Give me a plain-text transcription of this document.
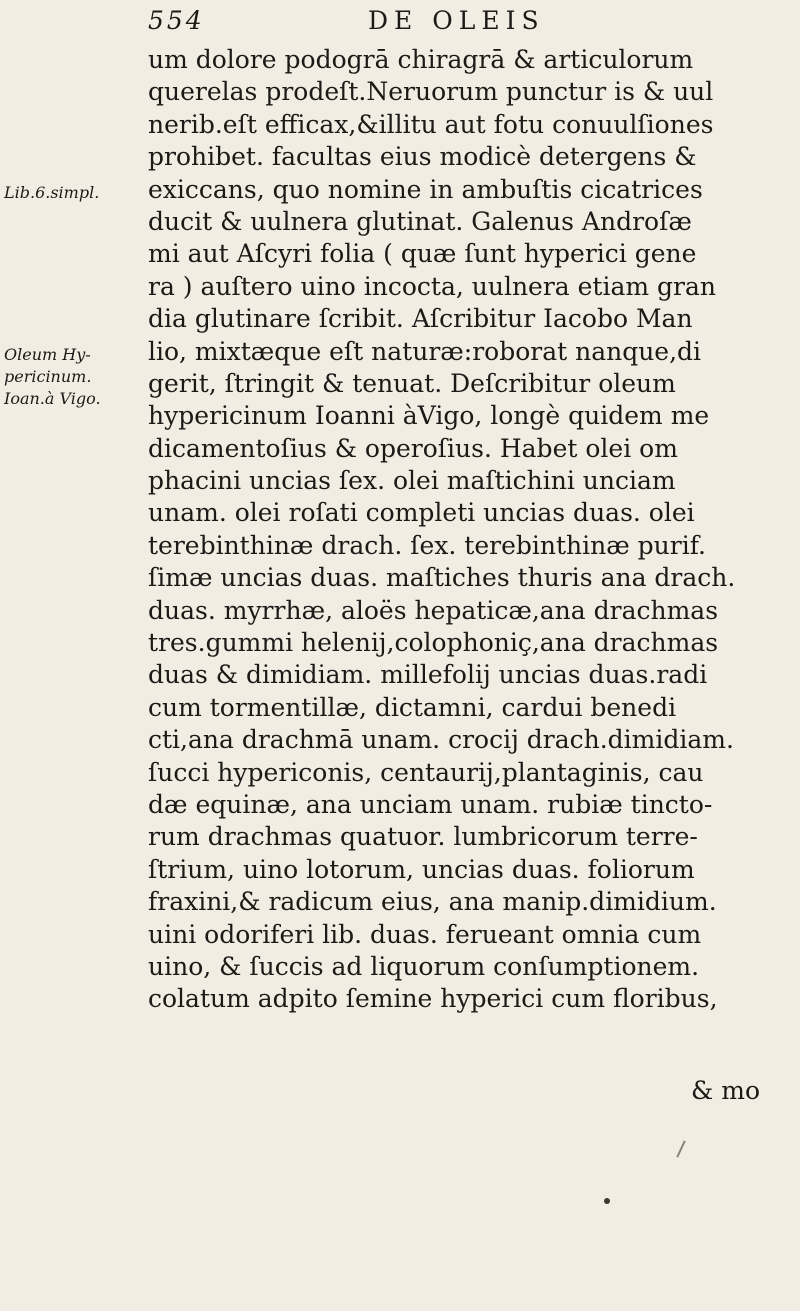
554	DE OLEIS
Lib.6.simpl.
Oleum Hy-
pericinum.
Ioan.à Vigo.
um dolore podogrā chiragrā & articulorum
querelas prodeſt.Neruorum punctur is & uul
nerib.eſt efficax,&illitu aut fotu conuulſiones
prohibet. facultas eius modicè detergens &
exiccans, quo nomine in ambuſtis cicatrices
ducit & uulnera glutinat. Galenus Androſæ
mi aut Aſcyri folia ( quæ ſunt hyperici gene
ra ) auſtero uino incocta, uulnera etiam gran
dia glutinare ſcribit. Aſcribitur Iacobo Man
lio, mixtæque eſt naturæ:roborat nanque,di
gerit, ſtringit & tenuat. Deſcribitur oleum
hypericinum Ioanni àVigo, longè quidem me
dicamentoſius & operoſius. Habet olei om
phacini uncias ſex. olei maſtichini unciam
unam. olei roſati completi uncias duas. olei
terebinthinæ drach. ſex. terebinthinæ purif.
ſimæ uncias duas. maſtiches thuris ana drach.
duas. myrrhæ, aloës hepaticæ,ana drachmas
tres.gummi helenij,colophoniç,ana drachmas
duas & dimidiam. millefolij uncias duas.radi
cum tormentillæ, dictamni, cardui benedi
cti,ana drachmā unam. crocij drach.dimidiam.
ſucci hypericonis, centaurij,plantaginis, cau
dæ equinæ, ana unciam unam. rubiæ tincto-
rum drachmas quatuor. lumbricorum terre-
ſtrium, uino lotorum, uncias duas. foliorum
fraxini,& radicum eius, ana manip.dimidium.
uini odoriferi lib. duas. ferueant omnia cum
uino, & ſuccis ad liquorum conſumptionem.
colatum adpito ſemine hyperici cum floribus,
& mo
